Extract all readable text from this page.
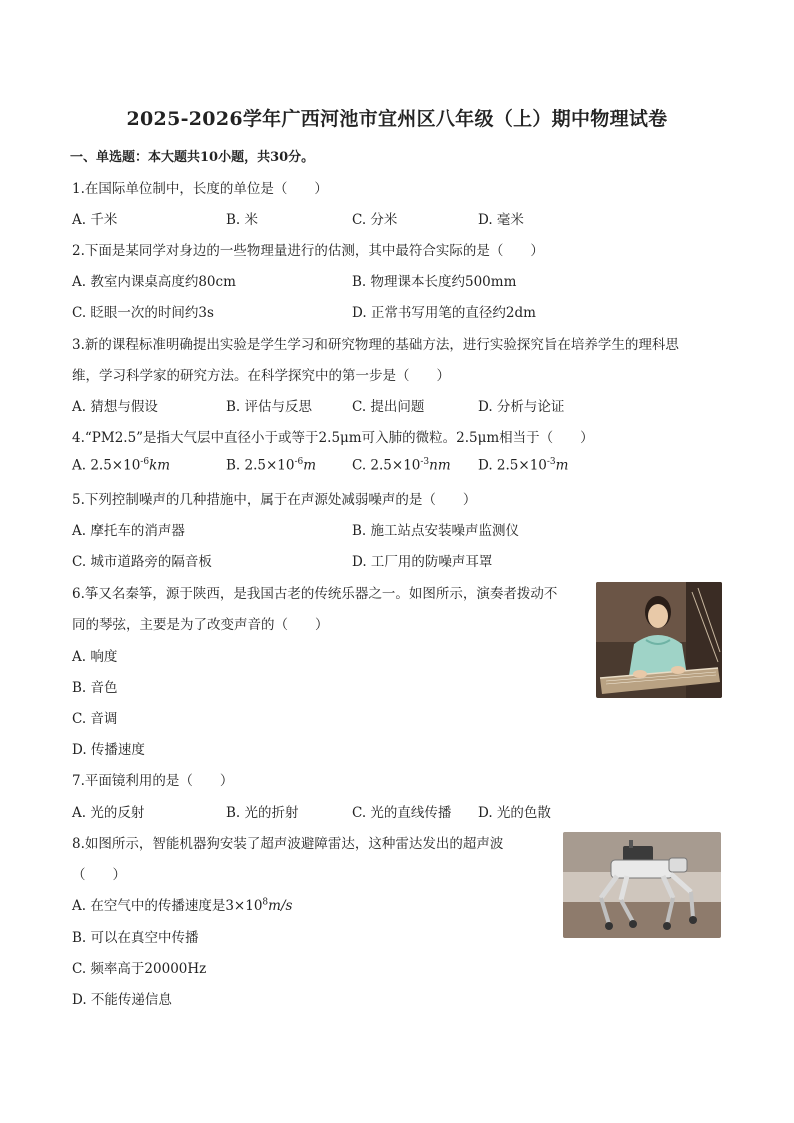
2025-2026学年广西河池市宜州区八年级（上）期中物理试卷
一、单选题：本大题共10小题，共30分。
1.在国际单位制中，长度的单位是（　　）
A. 千米	B. 米	C. 分米	D. 毫米
2.下面是某同学对身边的一些物理量进行的估测，其中最符合实际的是（　　）
A. 教室内课桌高度约80cm	B. 物理课本长度约500mm
C. 眨眼一次的时间约3s	D. 正常书写用笔的直径约2dm
3.新的课程标准明确提出实验是学生学习和研究物理的基础方法，进行实验探究旨在培养学生的理科思
维，学习科学家的研究方法。在科学探究中的第一步是（　　）
A. 猜想与假设	B. 评估与反思	C. 提出问题	D. 分析与论证
4.“PM2.5”是指大气层中直径小于或等于2.5μm可入肺的微粒。2.5μm相当于（　　）
A. $2.5\times 10^{-6}km$	B. $2.5\times 10^{-6}m$	C. $2.5\times 10^{-3}nm$ D. $2.5\times 10^{-3}m$
5.下列控制噪声的几种措施中，属于在声源处减弱噪声的是（　　）
A. 摩托车的消声器	B. 施工站点安装噪声监测仪
C. 城市道路旁的隔音板	D. 工厂用的防噪声耳罩
6.筝又名秦筝，源于陕西，是我国古老的传统乐器之一。如图所示，演奏者拨动不
同的琴弦，主要是为了改变声音的（　　）
A. 响度
B. 音色
C. 音调
D. 传播速度
7.平面镜利用的是（　　）
A. 光的反射	B. 光的折射	C. 光的直线传播 D. 光的色散
8.如图所示，智能机器狗安装了超声波避障雷达，这种雷达发出的超声波
（　　）
A. 在空气中的传播速度是$3\times 10^8m/s$
B. 可以在真空中传播
C. 频率高于20000Hz
D. 不能传递信息
